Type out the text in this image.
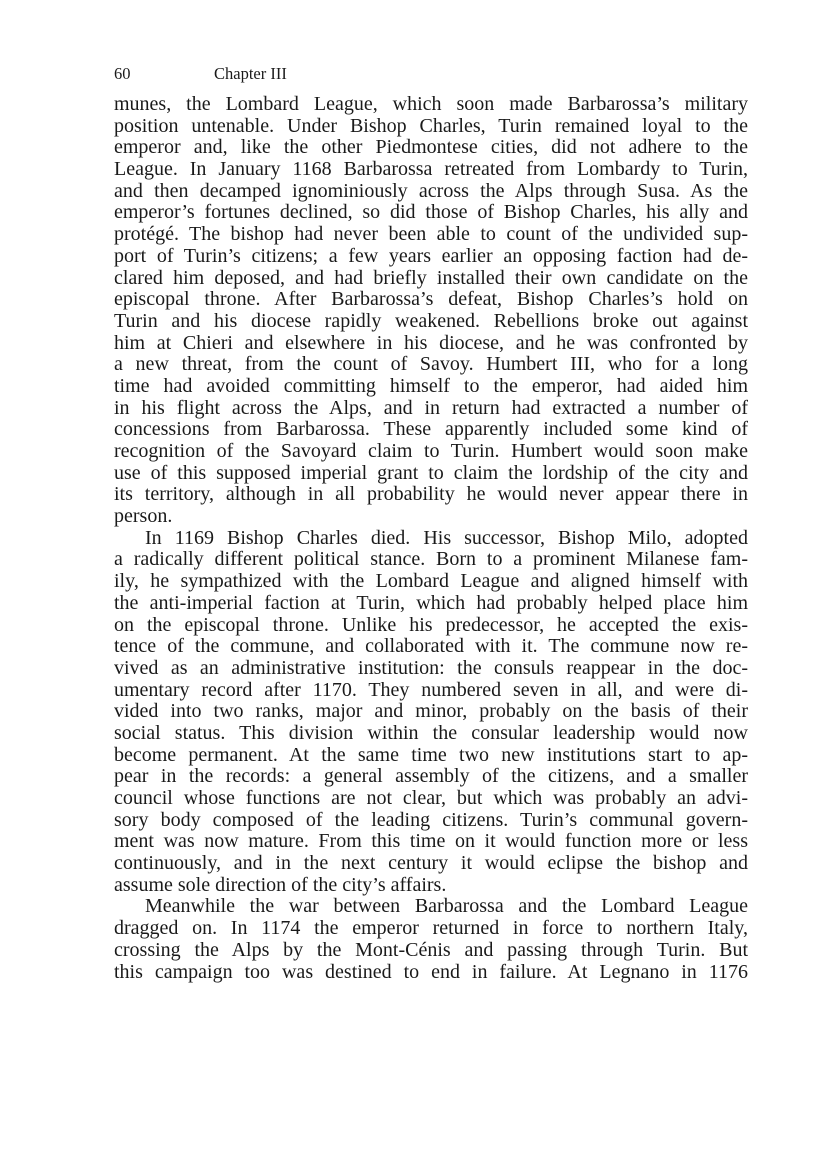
60	Chapter III
munes, the Lombard League, which soon made Barbarossa’s military
position untenable. Under Bishop Charles, Turin remained loyal to the
emperor and, like the other Piedmontese cities, did not adhere to the
League. In January 1168 Barbarossa retreated from Lombardy to Turin,
and then decamped ignominiously across the Alps through Susa. As the
emperor’s fortunes declined, so did those of Bishop Charles, his ally and
protégé. The bishop had never been able to count of the undivided sup-
port of Turin’s citizens; a few years earlier an opposing faction had de-
clared him deposed, and had briefly installed their own candidate on the
episcopal throne. After Barbarossa’s defeat, Bishop Charles’s hold on
Turin and his diocese rapidly weakened. Rebellions broke out against
him at Chieri and elsewhere in his diocese, and he was confronted by
a new threat, from the count of Savoy. Humbert III, who for a long
time had avoided committing himself to the emperor, had aided him
in his flight across the Alps, and in return had extracted a number of
concessions from Barbarossa. These apparently included some kind of
recognition of the Savoyard claim to Turin. Humbert would soon make
use of this supposed imperial grant to claim the lordship of the city and
its territory, although in all probability he would never appear there in
person.
In 1169 Bishop Charles died. His successor, Bishop Milo, adopted
a radically different political stance. Born to a prominent Milanese fam-
ily, he sympathized with the Lombard League and aligned himself with
the anti-imperial faction at Turin, which had probably helped place him
on the episcopal throne. Unlike his predecessor, he accepted the exis-
tence of the commune, and collaborated with it. The commune now re-
vived as an administrative institution: the consuls reappear in the doc-
umentary record after 1170. They numbered seven in all, and were di-
vided into two ranks, major and minor, probably on the basis of their
social status. This division within the consular leadership would now
become permanent. At the same time two new institutions start to ap-
pear in the records: a general assembly of the citizens, and a smaller
council whose functions are not clear, but which was probably an advi-
sory body composed of the leading citizens. Turin’s communal govern-
ment was now mature. From this time on it would function more or less
continuously, and in the next century it would eclipse the bishop and
assume sole direction of the city’s affairs.
Meanwhile the war between Barbarossa and the Lombard League
dragged on. In 1174 the emperor returned in force to northern Italy,
crossing the Alps by the Mont-Cénis and passing through Turin. But
this campaign too was destined to end in failure. At Legnano in 1176
